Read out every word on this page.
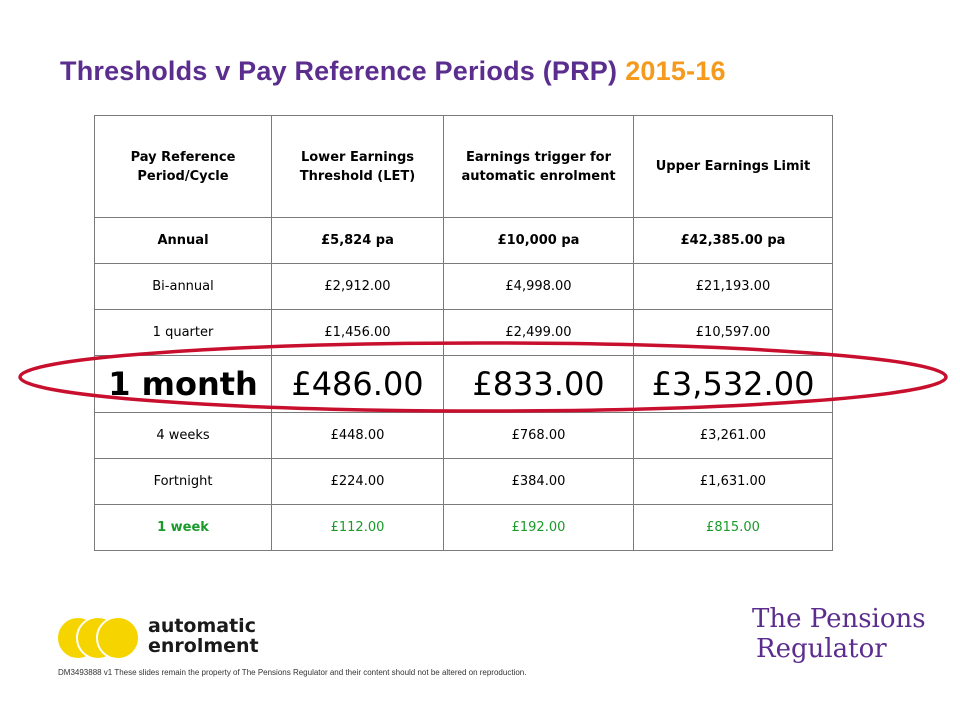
Thresholds v Pay Reference Periods (PRP) 2015-16
Pay Reference Period/Cycle	Lower Earnings Threshold (LET)	Earnings trigger for automatic enrolment	Upper Earnings Limit
Annual	£5,824 pa	£10,000 pa	£42,385.00 pa
Bi-annual	£2,912.00	£4,998.00	£21,193.00
1 quarter	£1,456.00	£2,499.00	£10,597.00
1 month	£486.00	£833.00	£3,532.00
4 weeks	£448.00	£768.00	£3,261.00
Fortnight	£224.00	£384.00	£1,631.00
1 week	£112.00	£192.00	£815.00
automatic
enrolment
The Pensions
Regulator
DM3493888 v1 These slides remain the property of The Pensions Regulator and their content should not be altered on reproduction.
